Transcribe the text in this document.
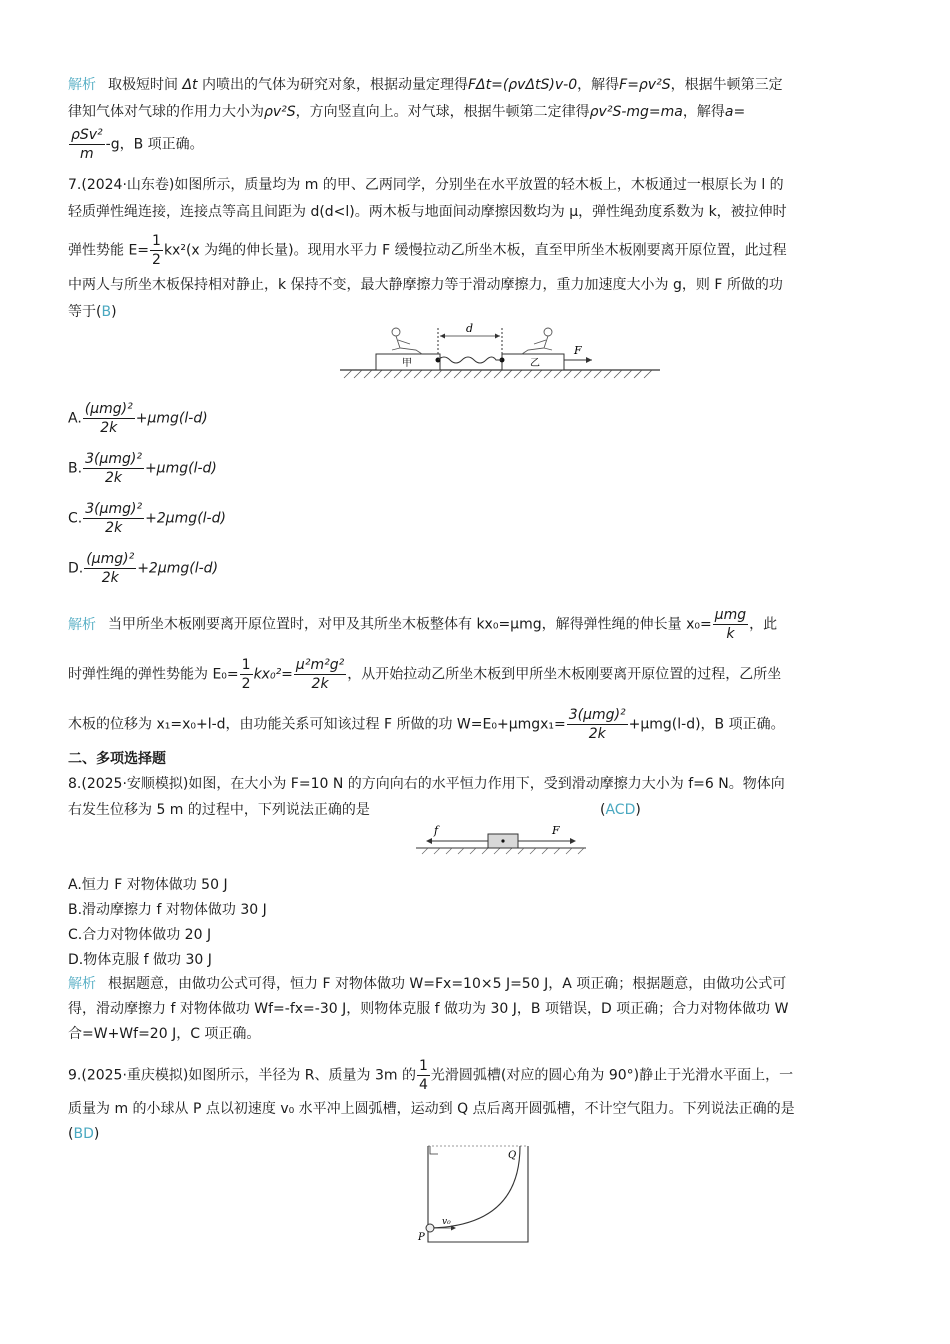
解析 取极短时间 Δt 内喷出的气体为研究对象，根据动量定理得FΔt=(ρvΔtS)v-0，解得F=ρv²S，根据牛顿第三定
律知气体对气球的作用力大小为ρv²S，方向竖直向上。对气球，根据牛顿第二定律得ρv²S-mg=ma，解得a=
$\frac{\text{ρSv²}}{m} -g$，B 项正确。
7.(2024·山东卷)如图所示，质量均为 m 的甲、乙两同学，分别坐在水平放置的轻木板上，木板通过一根原长为 l 的
轻质弹性绳连接，连接点等高且间距为 d(d<l)。两木板与地面间动摩擦因数均为 μ，弹性绳劲度系数为 k，被拉伸时
弹性势能 $E= \frac{1}{2} kx^2(x$ 为绳的伸长量)。现用水平力 F 缓慢拉动乙所坐木板，直至甲所坐木板刚要离开原位置，此过程
中两人与所坐木板保持相对静止，k 保持不变，最大静摩擦力等于滑动摩擦力，重力加速度大小为 g，则 F 所做的功
等于(B)
甲	乙
d
F
A. $\frac{\text{(μmg)²}}{2k} +\mu mg(l-d)$
B. $\frac{\text{3(μmg)²}}{2k} +\mu mg(l-d)$
C. $\frac{\text{3(μmg)²}}{2k} +2\mu mg(l-d)$
D. $\frac{\text{(μmg)²}}{2k} +2\mu mg(l-d)$
解析 当甲所坐木板刚要离开原位置时，对甲及其所坐木板整体有 kx₀=μmg，解得弹性绳的伸长量 $x_0= \frac{\text{μmg}}{k}$ ，此
时弹性绳的弹性势能为 $E_0= \frac{1}{2} kx_0^2= \frac{\text{μ²m²g²}}{2k}$ ，从开始拉动乙所坐木板到甲所坐木板刚要离开原位置的过程，乙所坐
木板的位移为 x₁=x₀+l-d，由功能关系可知该过程 F 所做的功 $W=E_0+\mu mgx_1= \frac{\text{3(μmg)²}}{2k} +\mu mg(l-d)$，B 项正确。
二、多项选择题
8.(2025·安顺模拟)如图，在大小为 F=10 N 的方向向右的水平恒力作用下，受到滑动摩擦力大小为 f=6 N。物体向
右发生位移为 5 m 的过程中，下列说法正确的是	(ACD)
f	F
A.恒力 F 对物体做功 50 J
B.滑动摩擦力 f 对物体做功 30 J
C.合力对物体做功 20 J
D.物体克服 f 做功 30 J
解析 根据题意，由做功公式可得，恒力 F 对物体做功 W=Fx=10×5 J=50 J，A 项正确；根据题意，由做功公式可
得，滑动摩擦力 f 对物体做功 Wf=-fx=-30 J，则物体克服 f 做功为 30 J，B 项错误，D 项正确；合力对物体做功 W
合=W+Wf=20 J，C 项正确。
9.(2025·重庆模拟)如图所示，半径为 R、质量为 3m 的 $\frac{1}{4}$ 光滑圆弧槽(对应的圆心角为 90°)静止于光滑水平面上，一
质量为 m 的小球从 P 点以初速度 v₀ 水平冲上圆弧槽，运动到 Q 点后离开圆弧槽，不计空气阻力。下列说法正确的是
(BD)
v₀
P
Q
